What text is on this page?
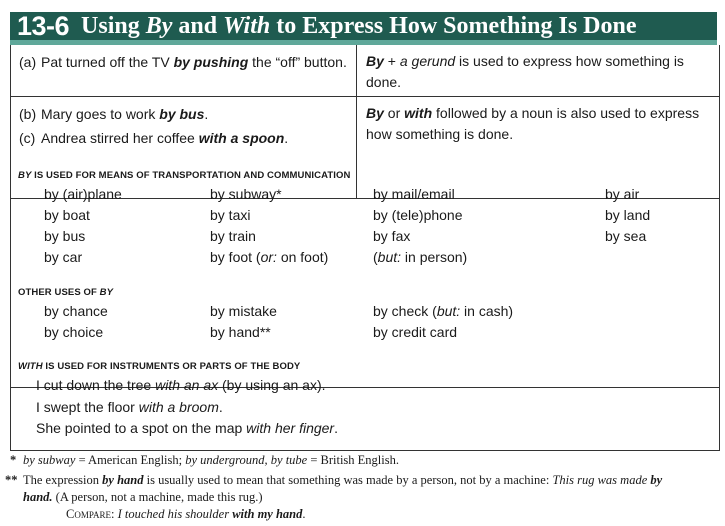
13-6 Using By and With to Express How Something Is Done
(a) Pat turned off the TV by pushing the “off” button. By + a gerund is used to express how something is done.
(b) Mary goes to work by bus.
(c) Andrea stirred her coffee with a spoon.
By or with followed by a noun is also used to express how something is done.
BY IS USED FOR MEANS OF TRANSPORTATION AND COMMUNICATION
by (air)plane
by boat
by bus
by car
by subway*
by taxi
by train
by foot (or: on foot)
by mail/email
by (tele)phone
by fax
(but: in person)
by air
by land
by sea
OTHER USES OF BY
by chance
by choice
by mistake
by hand**
by check (but: in cash)
by credit card
WITH IS USED FOR INSTRUMENTS OR PARTS OF THE BODY
I cut down the tree with an ax (by using an ax).
I swept the floor with a broom.
She pointed to a spot on the map with her finger.
* by subway = American English; by underground, by tube = British English.
** The expression by hand is usually used to mean that something was made by a person, not by a machine: This rug was made by
hand. (A person, not a machine, made this rug.)
Compare: I touched his shoulder with my hand.
